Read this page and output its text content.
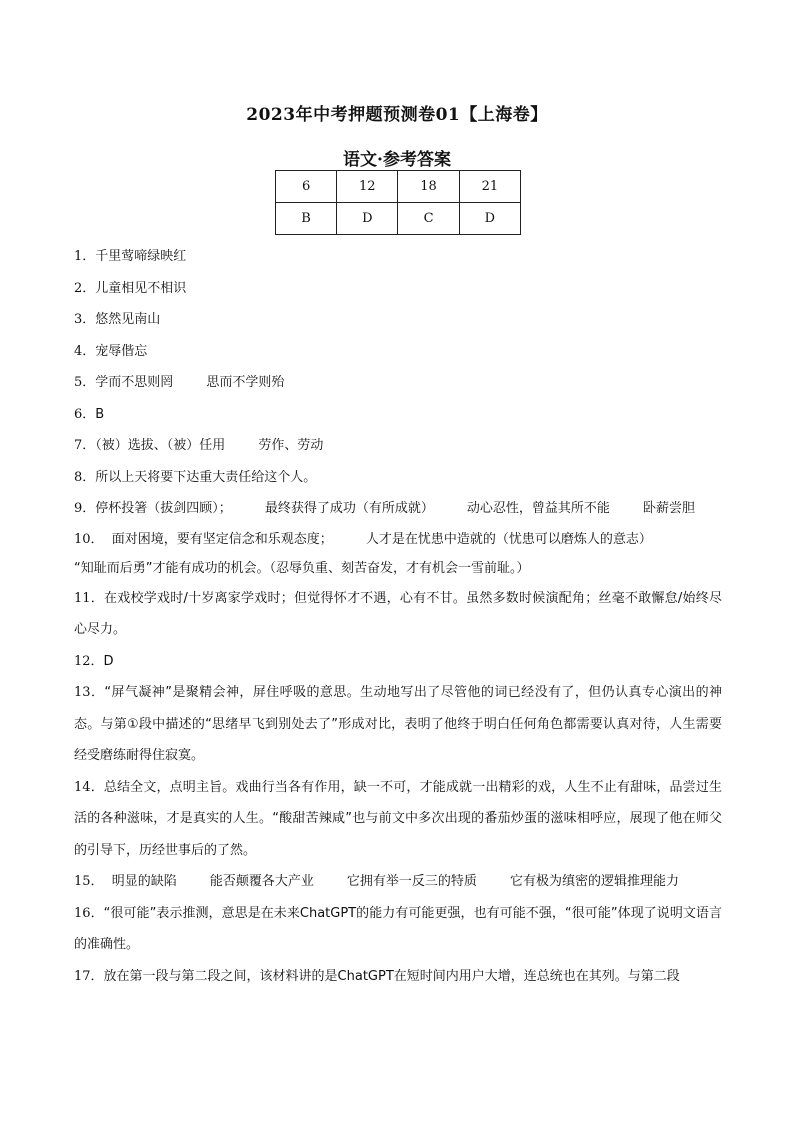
2023年中考押题预测卷01【上海卷】
语文·参考答案
6	12	18	21
B	D	C	D

1．千里莺啼绿映红

2．儿童相见不相识

3．悠然见南山

4．宠辱偕忘

5．学而不思则罔        思而不学则殆

6．B

7．（被）选拔、（被）任用        劳作、劳动

8．所以上天将要下达重大责任给这个人。

9．停杯投箸（拔剑四顾）；        最终获得了成功（有所成就）        动心忍性，曾益其所不能        卧薪尝胆

10．  面对困境，要有坚定信念和乐观态度；        人才是在忧患中造就的（忧患可以磨炼人的意志）

“知耻而后勇”才能有成功的机会。（忍辱负重、刻苦奋发，才有机会一雪前耻。）

11．在戏校学戏时/十岁离家学戏时；但觉得怀才不遇，心有不甘。虽然多数时候演配角；丝毫不敢懈怠/始终尽心尽力。

12．D

13．“屏气凝神”是聚精会神，屏住呼吸的意思。生动地写出了尽管他的词已经没有了，但仍认真专心演出的神态。与第①段中描述的“思绪早飞到别处去了”形成对比，表明了他终于明白任何角色都需要认真对待，人生需要经受磨练耐得住寂寞。

14．总结全文，点明主旨。戏曲行当各有作用，缺一不可，才能成就一出精彩的戏，人生不止有甜味，品尝过生活的各种滋味，才是真实的人生。“酸甜苦辣咸”也与前文中多次出现的番茄炒蛋的滋味相呼应，展现了他在师父的引导下，历经世事后的了然。

15．  明显的缺陷        能否颠覆各大产业        它拥有举一反三的特质        它有极为缜密的逻辑推理能力

16．“很可能”表示推测，意思是在未来ChatGPT的能力有可能更强，也有可能不强，“很可能”体现了说明文语言的准确性。

17．放在第一段与第二段之间，该材料讲的是ChatGPT在短时间内用户大增，连总统也在其列。与第二段
